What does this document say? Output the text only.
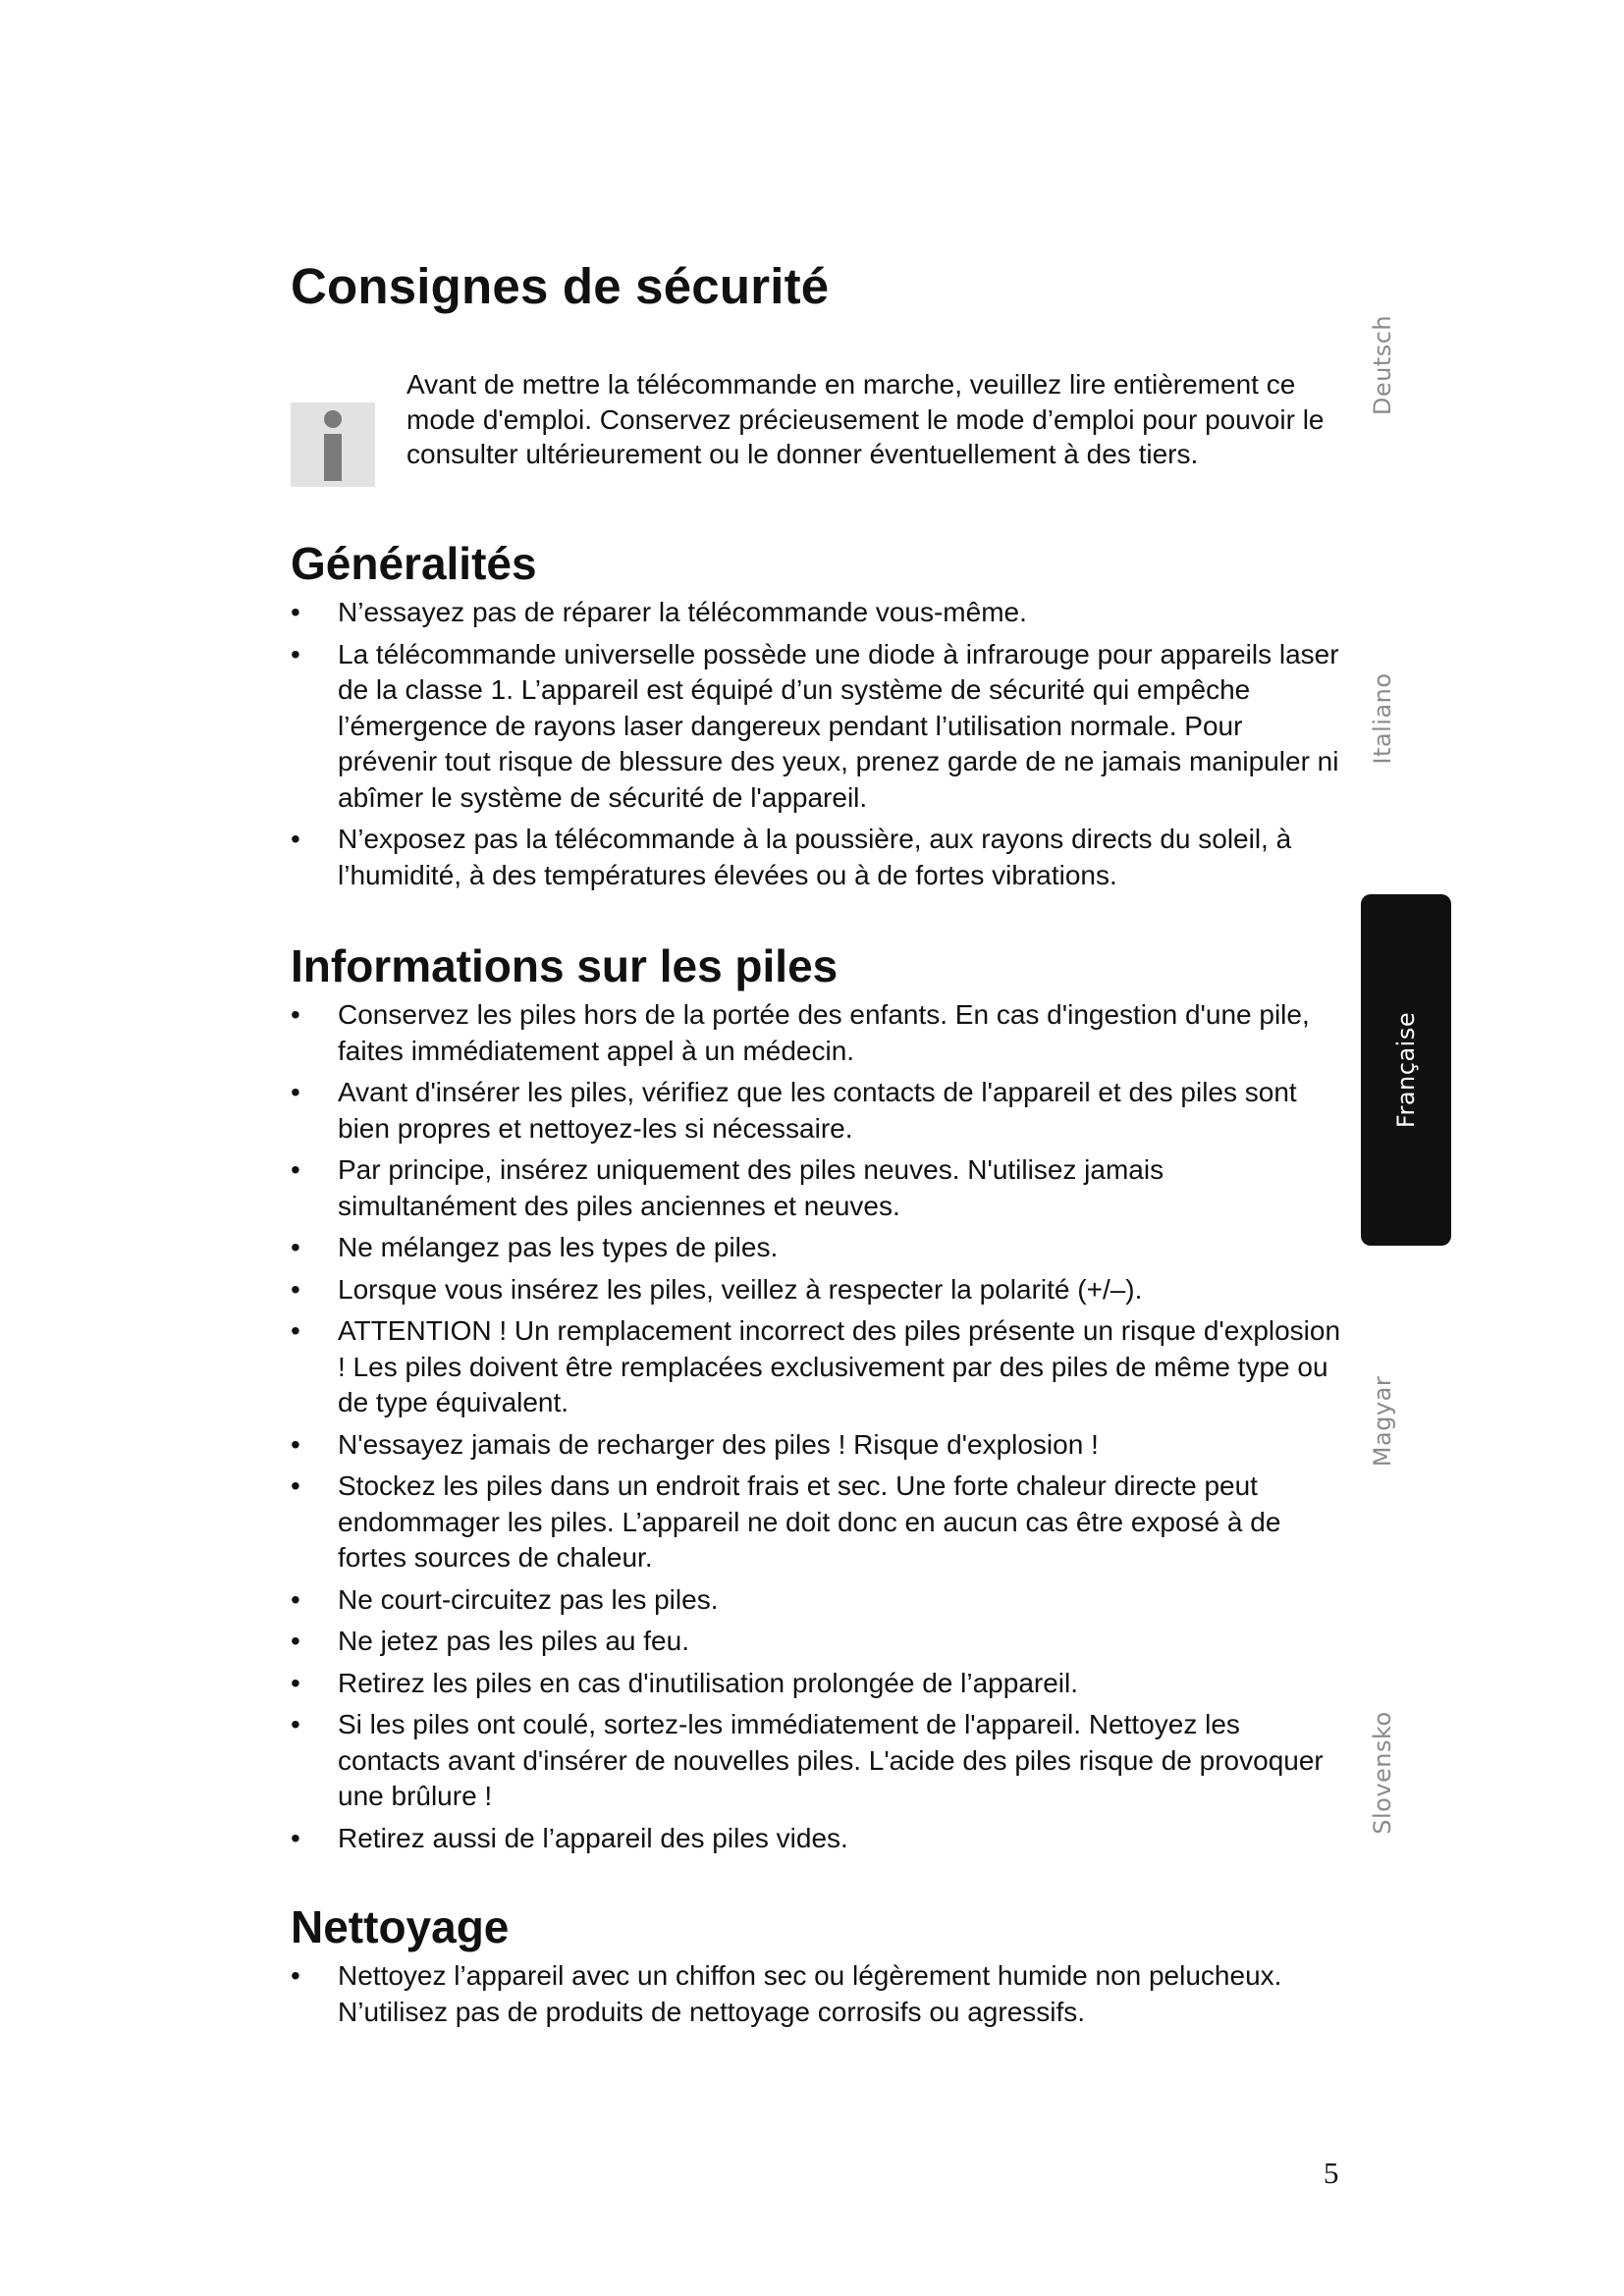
Consignes de sécurité

Avant de mettre la télécommande en marche, veuillez lire entièrement ce mode d'emploi. Conservez précieusement le mode d’emploi pour pouvoir le consulter ultérieurement ou le donner éventuellement à des tiers.

Généralités
•	N’essayez pas de réparer la télécommande vous-même.
•	La télécommande universelle possède une diode à infrarouge pour appareils laser de la classe 1. L’appareil est équipé d’un système de sécurité qui empêche l’émergence de rayons laser dangereux pendant l’utilisation normale. Pour prévenir tout risque de blessure des yeux, prenez garde de ne jamais manipuler ni abîmer le système de sécurité de l'appareil.
•	N’exposez pas la télécommande à la poussière, aux rayons directs du soleil, à l’humidité, à des températures élevées ou à de fortes vibrations.
Informations sur les piles
•	Conservez les piles hors de la portée des enfants. En cas d'ingestion d'une pile, faites immédiatement appel à un médecin.
•	Avant d'insérer les piles, vérifiez que les contacts de l'appareil et des piles sont bien propres et nettoyez-les si nécessaire.
•	Par principe, insérez uniquement des piles neuves. N'utilisez jamais simultanément des piles anciennes et neuves.
•	Ne mélangez pas les types de piles.
•	Lorsque vous insérez les piles, veillez à respecter la polarité (+/–).
•	ATTENTION ! Un remplacement incorrect des piles présente un risque d'explosion ! Les piles doivent être remplacées exclusivement par des piles de même type ou de type équivalent.
•	N'essayez jamais de recharger des piles ! Risque d'explosion !
•	Stockez les piles dans un endroit frais et sec. Une forte chaleur directe peut endommager les piles. L’appareil ne doit donc en aucun cas être exposé à de fortes sources de chaleur.
•	Ne court-circuitez pas les piles.
•	Ne jetez pas les piles au feu.
•	Retirez les piles en cas d'inutilisation prolongée de l’appareil.
•	Si les piles ont coulé, sortez-les immédiatement de l'appareil. Nettoyez les contacts avant d'insérer de nouvelles piles. L'acide des piles risque de provoquer une brûlure !
•	Retirez aussi de l’appareil des piles vides.
Nettoyage
•	Nettoyez l’appareil avec un chiffon sec ou légèrement humide non pelucheux. N’utilisez pas de produits de nettoyage corrosifs ou agressifs.
Deutsch
Italiano
Française
Magyar
Slovensko
5
